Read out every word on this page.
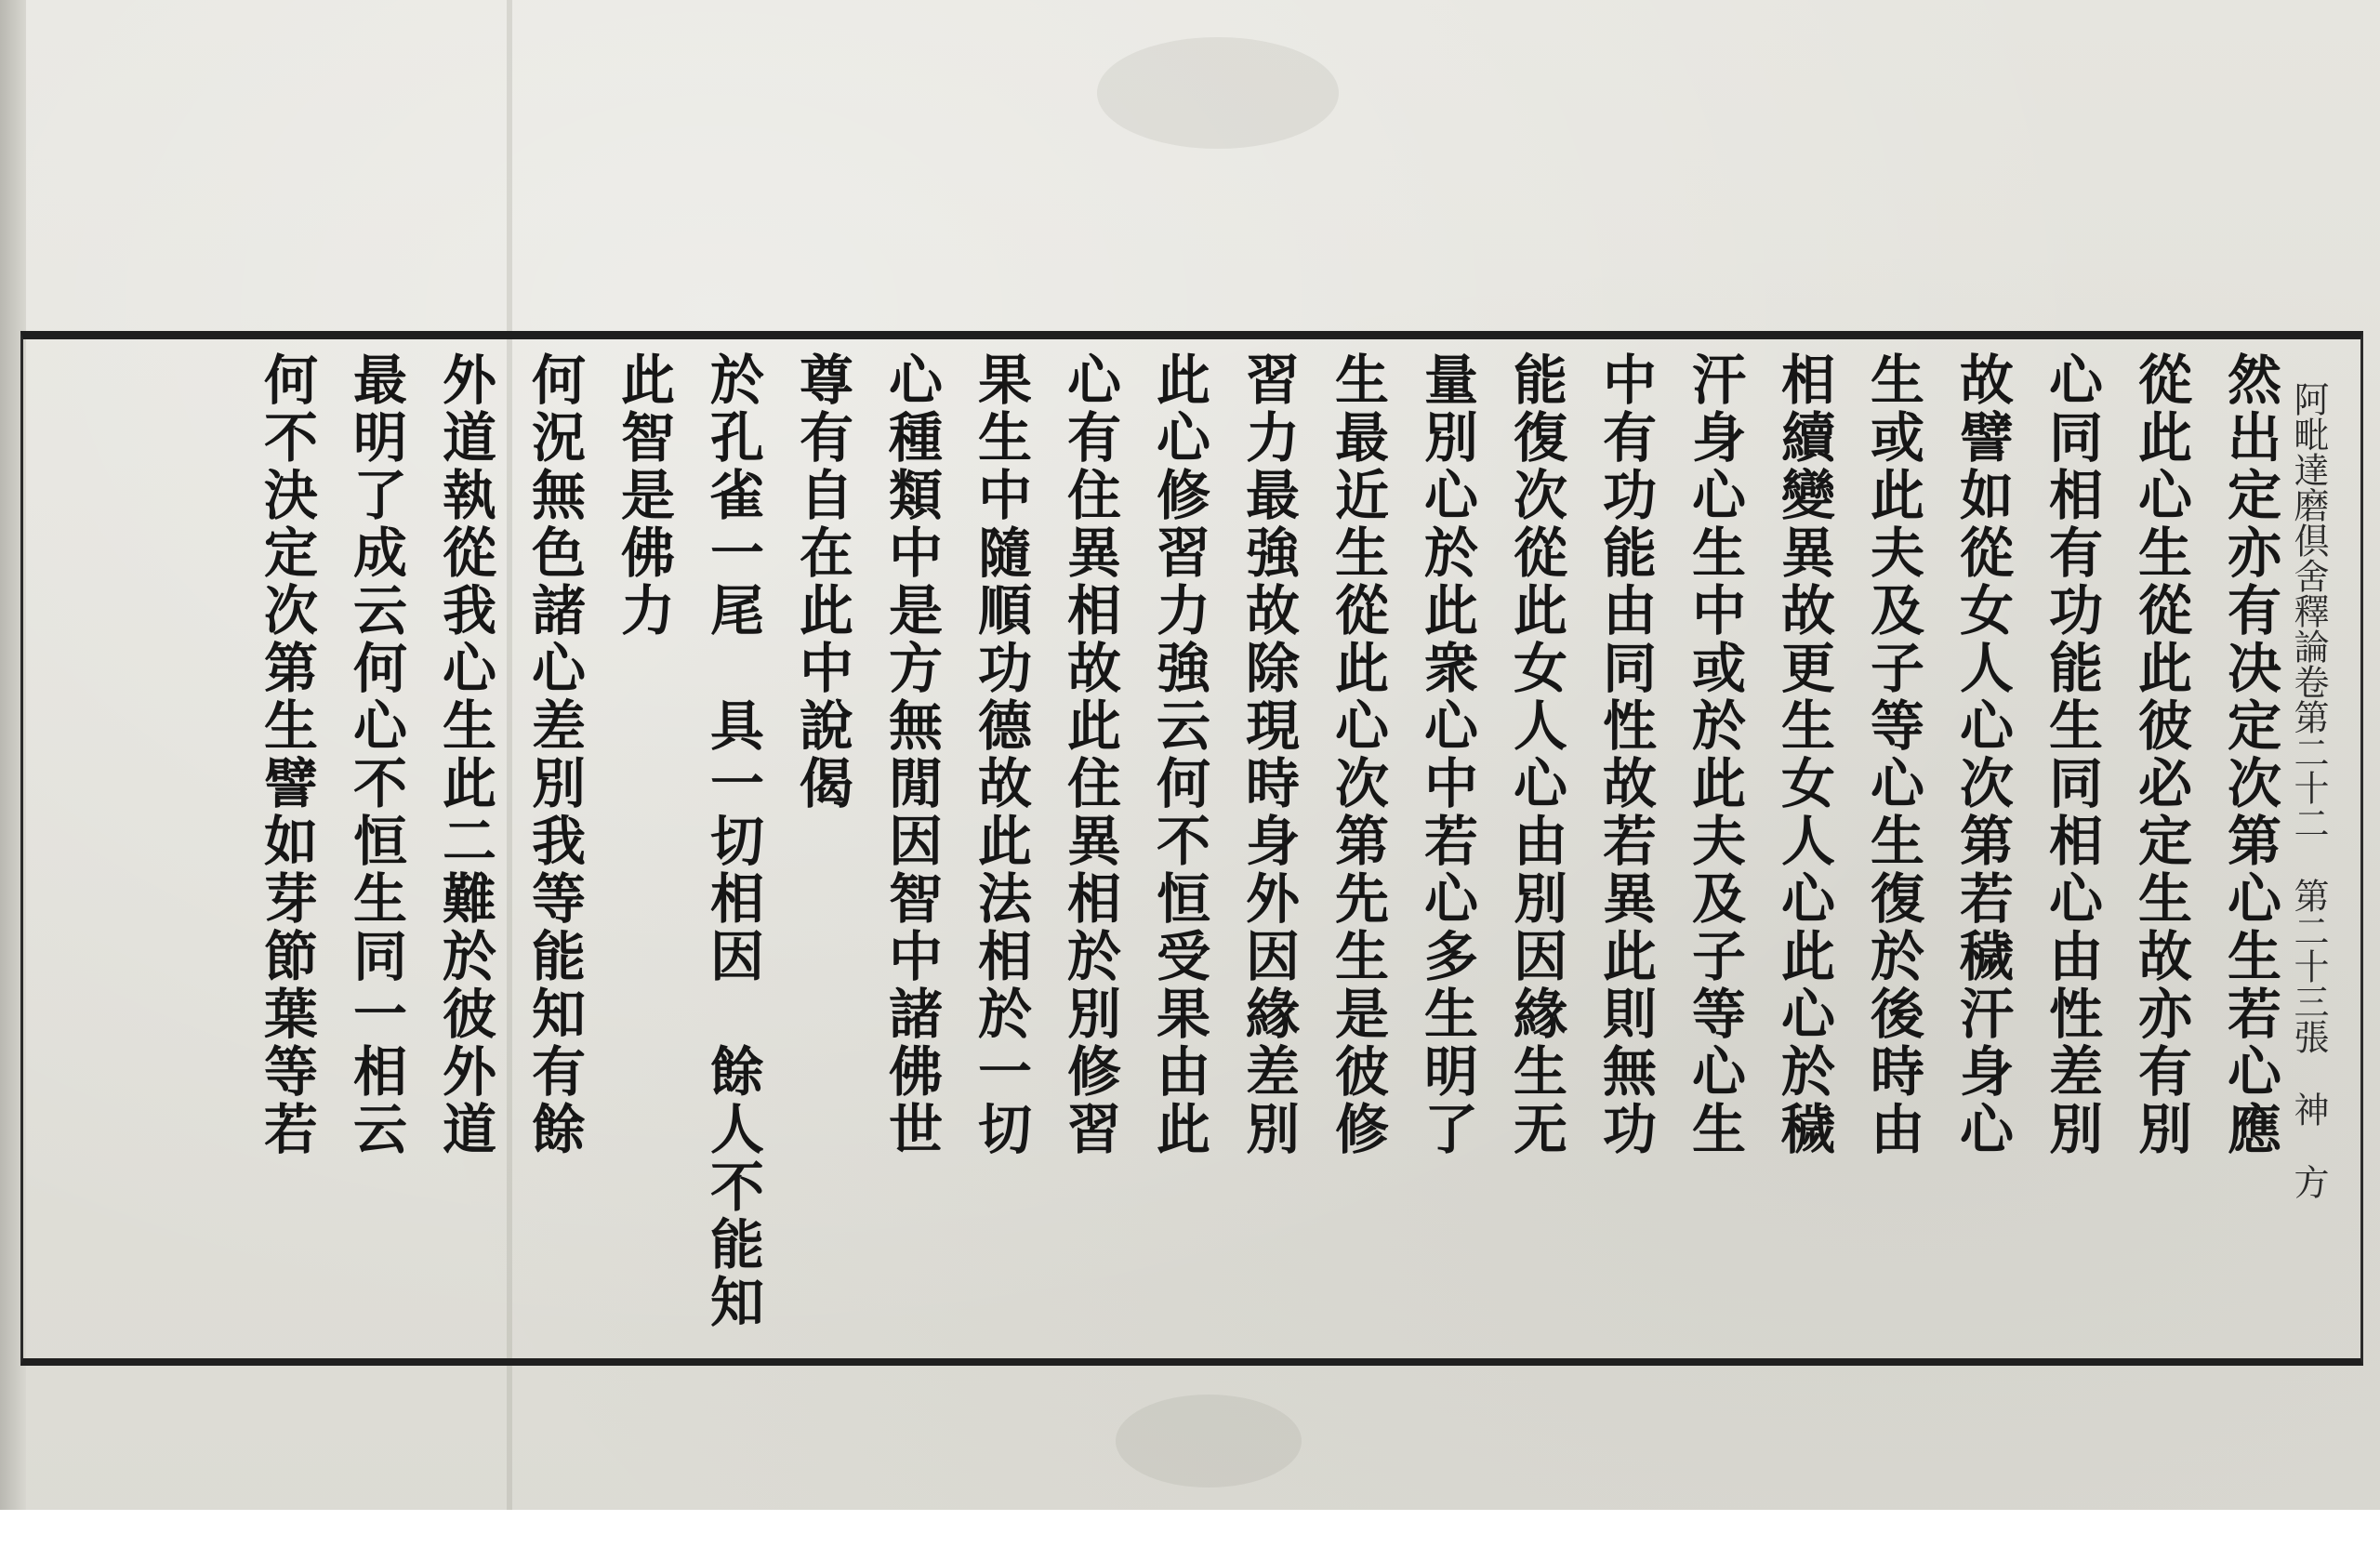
阿毗達磨倶舍釋論卷第二十二
第二十三張
神
方
然出定亦有决定次第心生若心應
從此心生從此彼必定生故亦有別
心同相有功能生同相心由性差別
故譬如從女人心次第若穢汗身心
生或此夫及子等心生復於後時由
相續變異故更生女人心此心於穢
汗身心生中或於此夫及子等心生
中有功能由同性故若異此則無功
能復次從此女人心由別因緣生无
量別心於此衆心中若心多生明了
生最近生從此心次第先生是彼修
習力最強故除現時身外因緣差別
此心修習力強云何不恒受果由此
心有住異相故此住異相於別修習
果生中隨順功德故此法相於一切
心種類中是方無閒因智中諸佛世
尊有自在此中說偈
於孔雀一尾　具一切相因　餘人不能知
此智是佛力
何況無色諸心差別我等能知有餘
外道執從我心生此二難於彼外道
最明了成云何心不恒生同一相云
何不決定次第生譬如芽節葉等若
